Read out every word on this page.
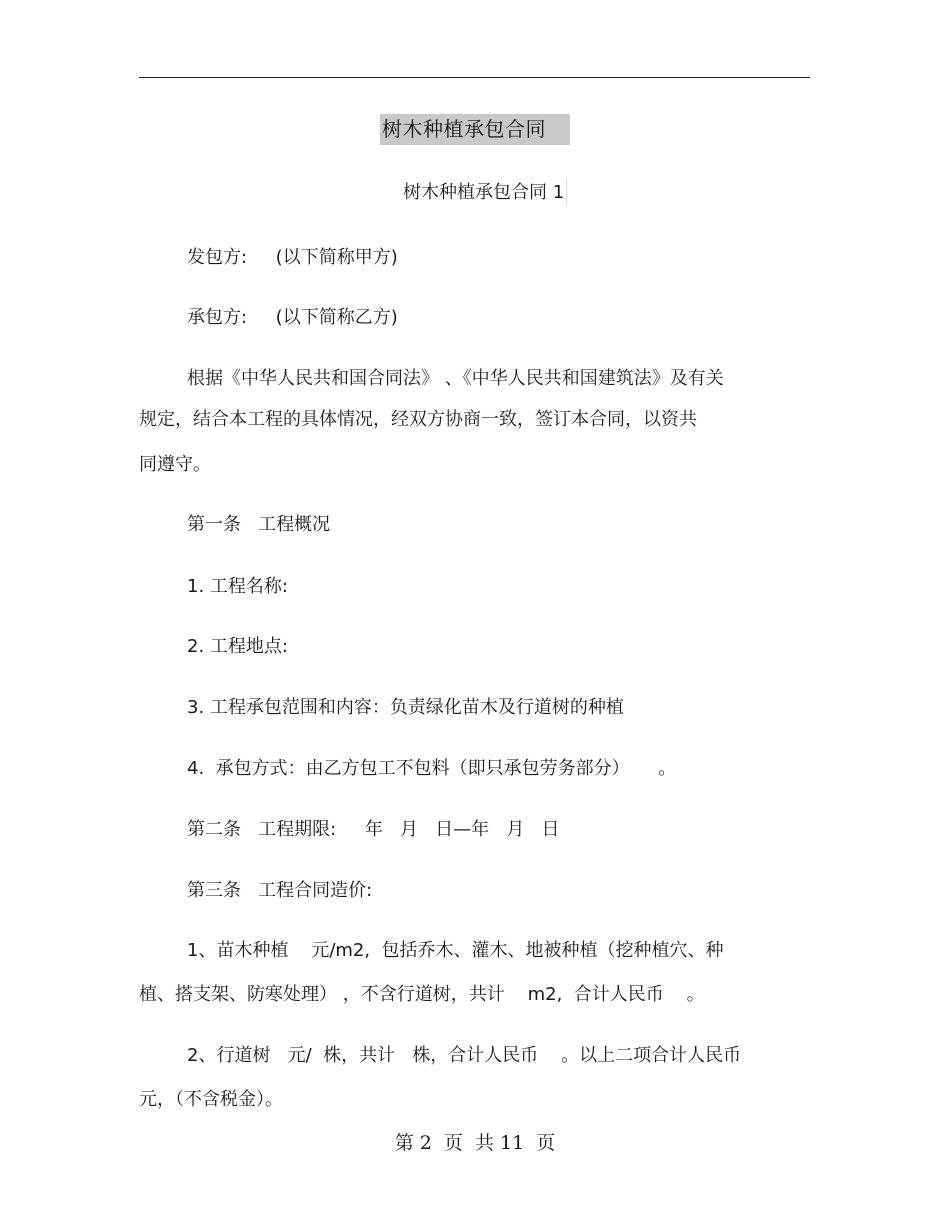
树木种植承包合同
树木种植承包合同 1
发包方:     (以下简称甲方)
承包方:     (以下简称乙方)
根据《中华人民共和国合同法》 、《中华人民共和国建筑法》及有关
规定，结合本工程的具体情况，经双方协商一致，签订本合同，以资共
同遵守。
第一条   工程概况
1. 工程名称:
2. 工程地点:
3. 工程承包范围和内容：负责绿化苗木及行道树的种植
4.  承包方式：由乙方包工不包料（即只承包劳务部分）     。
第二条   工程期限:     年   月   日—年   月   日
第三条   工程合同造价:
1、苗木种植    元/m2,  包括乔木、灌木、地被种植（挖种植穴、种
植、搭支架、防寒处理） ，不含行道树，共计    m2,  合计人民币    。
2、行道树   元/  株，共计   株，合计人民币    。以上二项合计人民币
元，（不含税金）。
第 2  页  共 11  页
